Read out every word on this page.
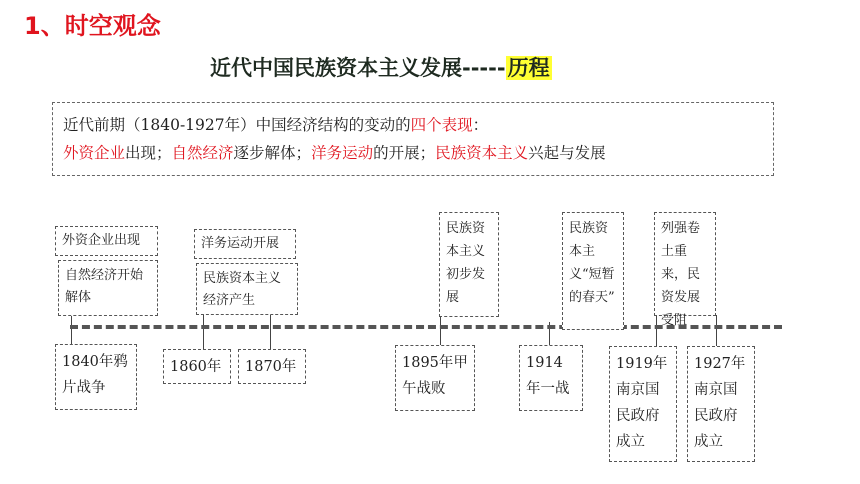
1、时空观念
近代中国民族资本主义发展-----历程
近代前期（1840-1927年）中国经济结构的变动的四个表现：
外资企业出现；自然经济逐步解体；洋务运动的开展；民族资本主义兴起与发展
外资企业出现
自然经济开始解体
洋务运动开展
民族资本主义经济产生
民族资本主义初步发展
民族资本主义“短暂的春天”
列强卷土重来，民资发展受阻
1840年鸦片战争
1860年	1870年	1895年甲午战败
1914年一战
1919年南京国民政府成立
1927年南京国民政府成立
